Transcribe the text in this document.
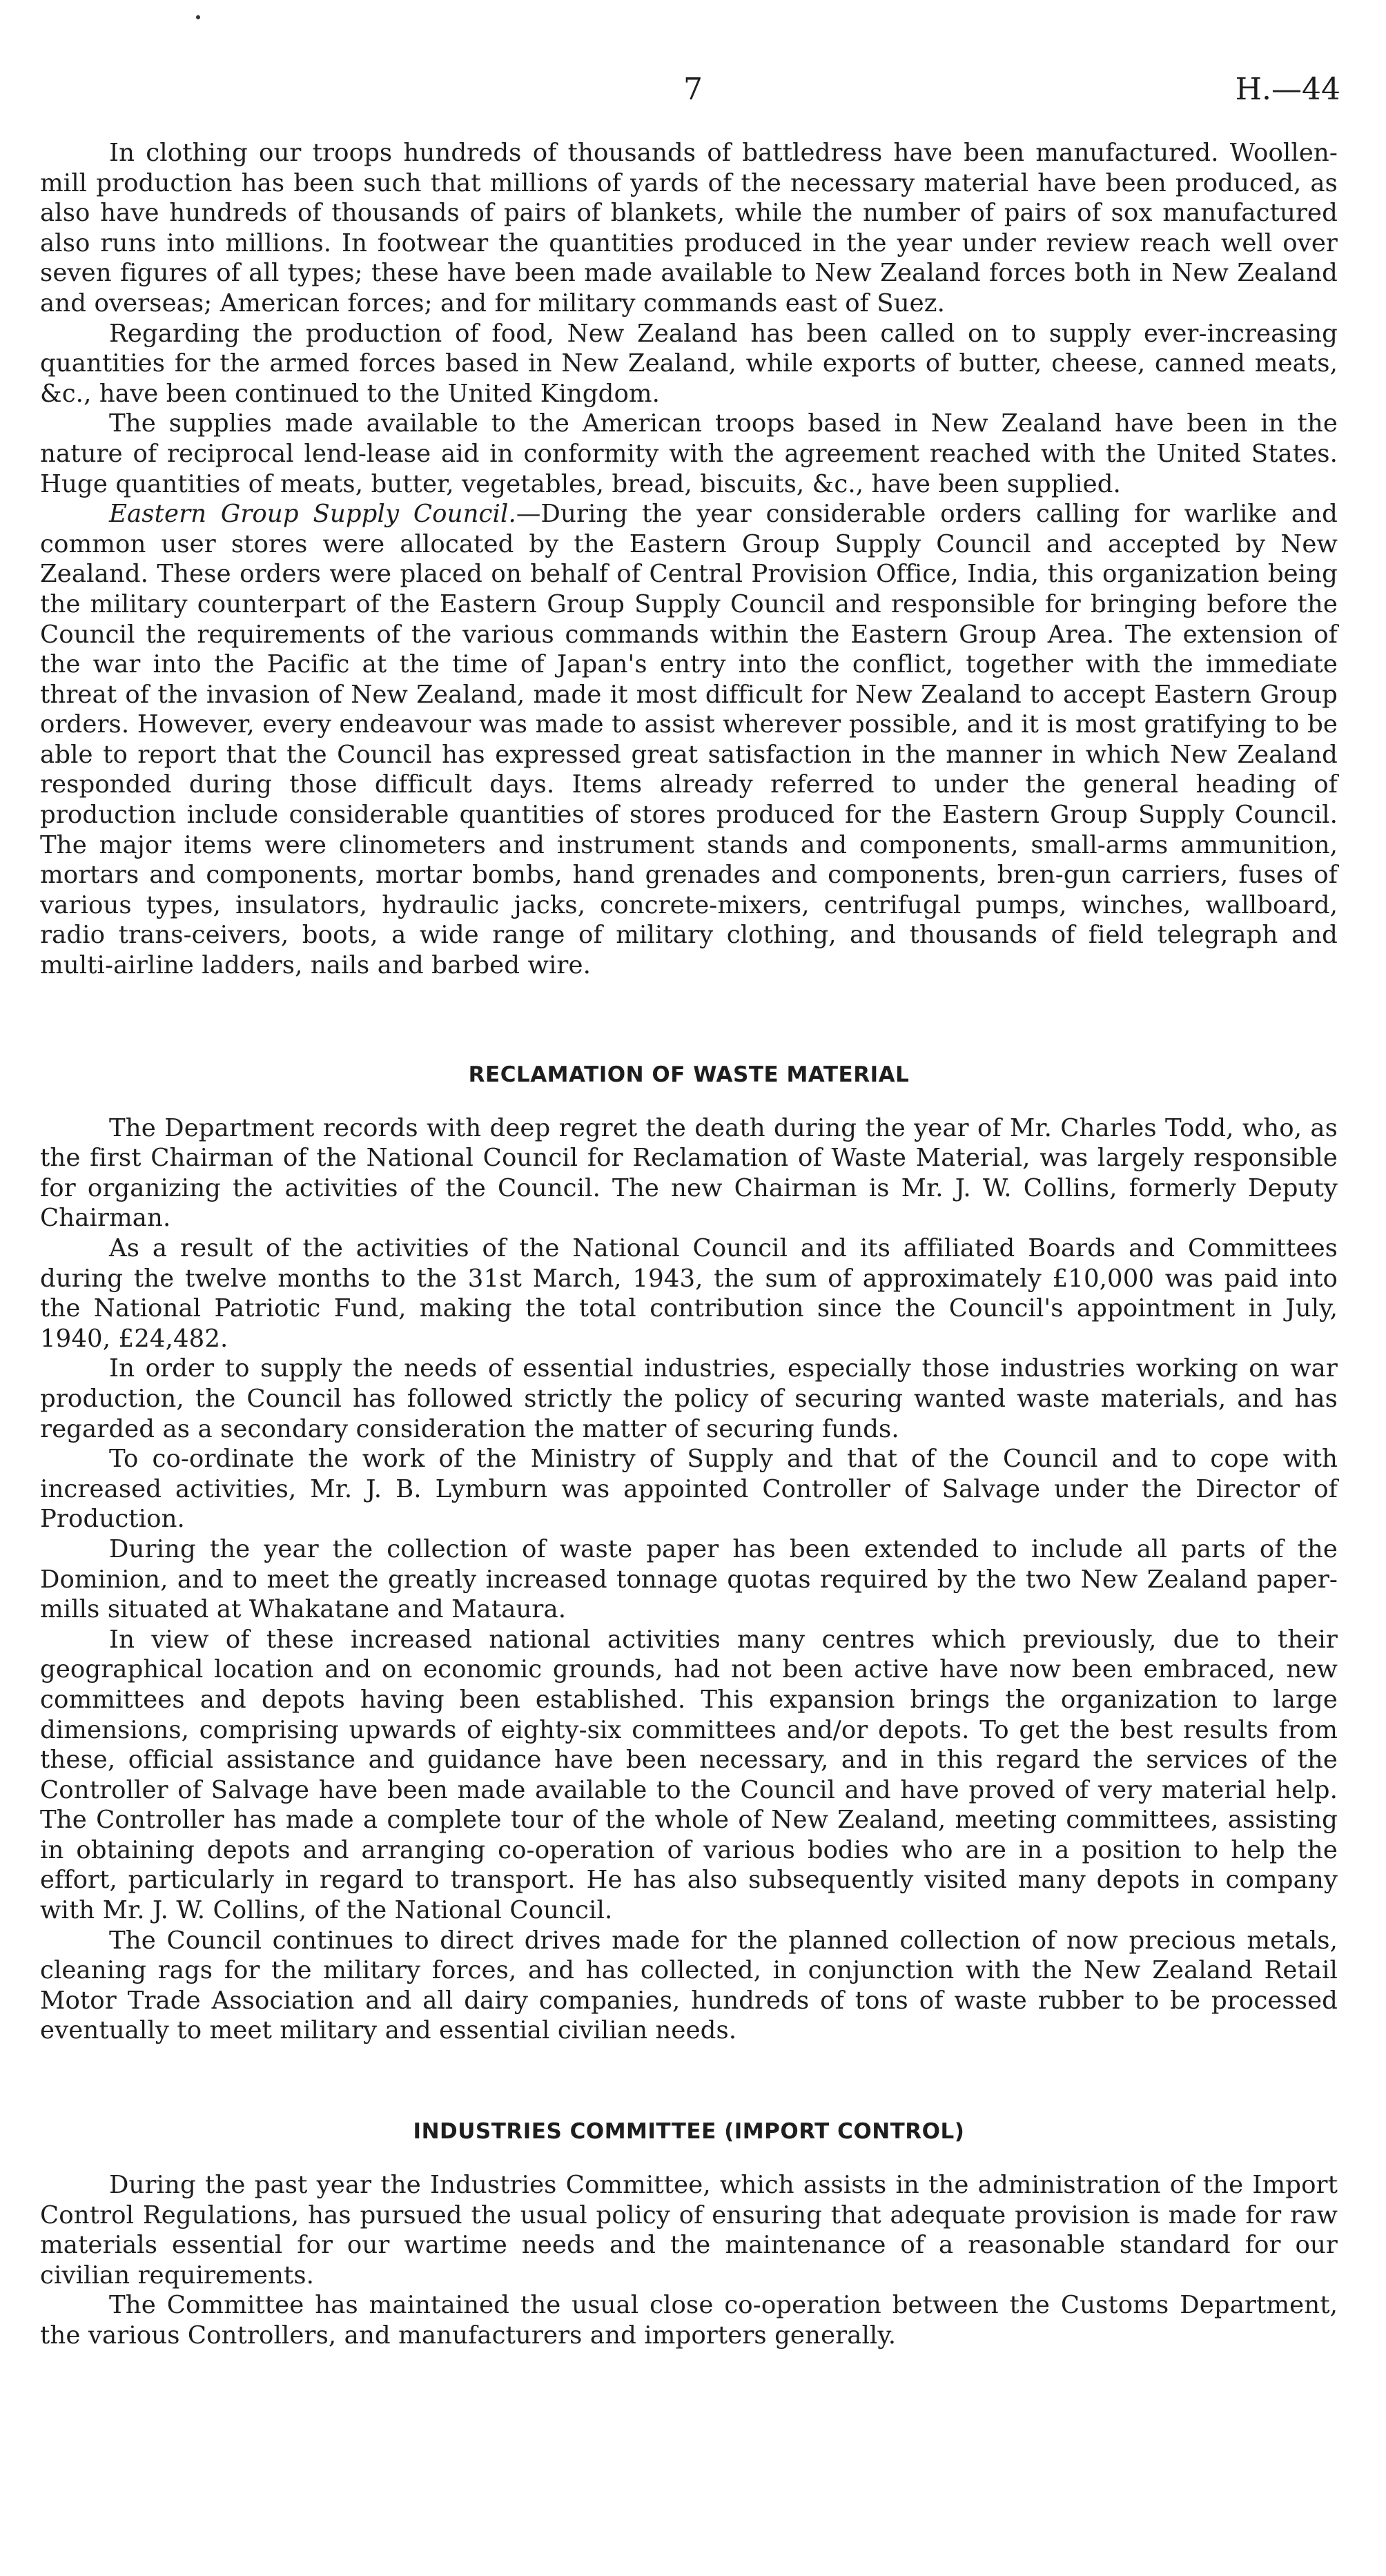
7	H.—44

In clothing our troops hundreds of thousands of battledress have been manufactured. Woollen-mill production has been such that millions of yards of the necessary material have been produced, as also have hundreds of thousands of pairs of blankets, while the number of pairs of sox manufactured also runs into millions. In footwear the quantities produced in the year under review reach well over seven figures of all types; these have been made available to New Zealand forces both in New Zealand and overseas; American forces; and for military commands east of Suez.

Regarding the production of food, New Zealand has been called on to supply ever-increasing quantities for the armed forces based in New Zealand, while exports of butter, cheese, canned meats, &c., have been continued to the United Kingdom.

The supplies made available to the American troops based in New Zealand have been in the nature of reciprocal lend-lease aid in conformity with the agreement reached with the United States. Huge quantities of meats, butter, vegetables, bread, biscuits, &c., have been supplied.

Eastern Group Supply Council.—During the year considerable orders calling for warlike and common user stores were allocated by the Eastern Group Supply Council and accepted by New Zealand. These orders were placed on behalf of Central Provision Office, India, this organization being the military counterpart of the Eastern Group Supply Council and responsible for bringing before the Council the requirements of the various commands within the Eastern Group Area. The extension of the war into the Pacific at the time of Japan's entry into the conflict, together with the immediate threat of the invasion of New Zealand, made it most difficult for New Zealand to accept Eastern Group orders. However, every endeavour was made to assist wherever possible, and it is most gratifying to be able to report that the Council has expressed great satisfaction in the manner in which New Zealand responded during those difficult days. Items already referred to under the general heading of production include considerable quantities of stores produced for the Eastern Group Supply Council. The major items were clinometers and instrument stands and components, small-arms ammunition, mortars and components, mortar bombs, hand grenades and components, bren-gun carriers, fuses of various types, insulators, hydraulic jacks, concrete-mixers, centrifugal pumps, winches, wallboard, radio trans-ceivers, boots, a wide range of military clothing, and thousands of field telegraph and multi-airline ladders, nails and barbed wire.

RECLAMATION OF WASTE MATERIAL

The Department records with deep regret the death during the year of Mr. Charles Todd, who, as the first Chairman of the National Council for Reclamation of Waste Material, was largely responsible for organizing the activities of the Council. The new Chairman is Mr. J. W. Collins, formerly Deputy Chairman.

As a result of the activities of the National Council and its affiliated Boards and Committees during the twelve months to the 31st March, 1943, the sum of approximately £10,000 was paid into the National Patriotic Fund, making the total contribution since the Council's appointment in July, 1940, £24,482.

In order to supply the needs of essential industries, especially those industries working on war production, the Council has followed strictly the policy of securing wanted waste materials, and has regarded as a secondary consideration the matter of securing funds.

To co-ordinate the work of the Ministry of Supply and that of the Council and to cope with increased activities, Mr. J. B. Lymburn was appointed Controller of Salvage under the Director of Production.

During the year the collection of waste paper has been extended to include all parts of the Dominion, and to meet the greatly increased tonnage quotas required by the two New Zealand paper-mills situated at Whakatane and Mataura.

In view of these increased national activities many centres which previously, due to their geographical location and on economic grounds, had not been active have now been embraced, new committees and depots having been established. This expansion brings the organization to large dimensions, comprising upwards of eighty-six committees and/or depots. To get the best results from these, official assistance and guidance have been necessary, and in this regard the services of the Controller of Salvage have been made available to the Council and have proved of very material help. The Controller has made a complete tour of the whole of New Zealand, meeting committees, assisting in obtaining depots and arranging co-operation of various bodies who are in a position to help the effort, particularly in regard to transport. He has also subsequently visited many depots in company with Mr. J. W. Collins, of the National Council.

The Council continues to direct drives made for the planned collection of now precious metals, cleaning rags for the military forces, and has collected, in conjunction with the New Zealand Retail Motor Trade Association and all dairy companies, hundreds of tons of waste rubber to be processed eventually to meet military and essential civilian needs.

INDUSTRIES COMMITTEE (IMPORT CONTROL)

During the past year the Industries Committee, which assists in the administration of the Import Control Regulations, has pursued the usual policy of ensuring that adequate provision is made for raw materials essential for our wartime needs and the maintenance of a reasonable standard for our civilian requirements.

The Committee has maintained the usual close co-operation between the Customs Department, the various Controllers, and manufacturers and importers generally.
